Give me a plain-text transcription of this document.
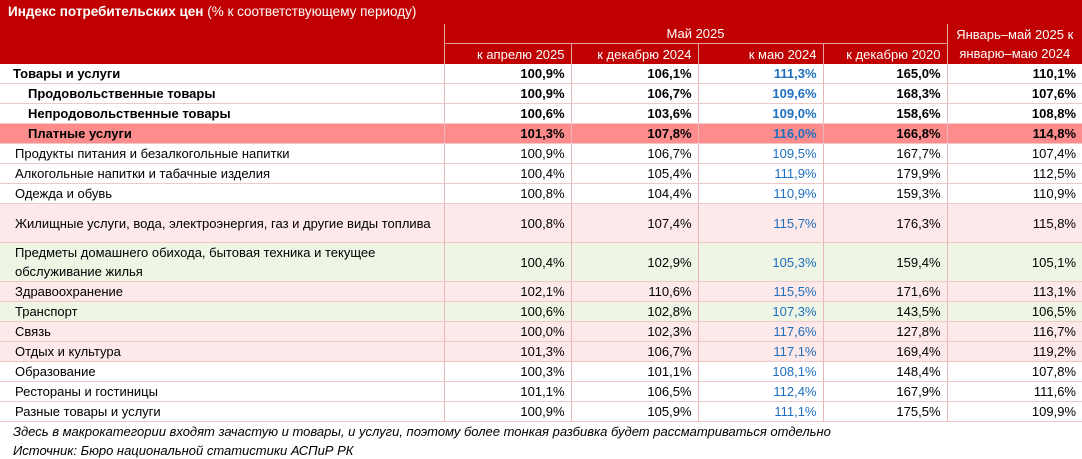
Индекс потребительских цен (% к соответствующему периоду)
	Май 2025				Январь–май 2025 к
январю–маю 2024
	к апрелю 2025	к декабрю 2024	к маю 2024	к декабрю 2020	
Товары и услуги	100,9%	106,1%	111,3%	165,0%	110,1%
Продовольственные товары	100,9%	106,7%	109,6%	168,3%	107,6%
Непродовольственные товары	100,6%	103,6%	109,0%	158,6%	108,8%
Платные услуги	101,3%	107,8%	116,0%	166,8%	114,8%
Продукты питания и безалкогольные напитки	100,9%	106,7%	109,5%	167,7%	107,4%
Алкогольные напитки и табачные изделия	100,4%	105,4%	111,9%	179,9%	112,5%
Одежда и обувь	100,8%	104,4%	110,9%	159,3%	110,9%
Жилищные услуги, вода, электроэнергия, газ и другие виды топлива	100,8%	107,4%	115,7%	176,3%	115,8%
Предметы домашнего обихода, бытовая техника и текущее обслуживание жилья	100,4%	102,9%	105,3%	159,4%	105,1%
Здравоохранение	102,1%	110,6%	115,5%	171,6%	113,1%
Транспорт	100,6%	102,8%	107,3%	143,5%	106,5%
Связь	100,0%	102,3%	117,6%	127,8%	116,7%
Отдых и культура	101,3%	106,7%	117,1%	169,4%	119,2%
Образование	100,3%	101,1%	108,1%	148,4%	107,8%
Рестораны и гостиницы	101,1%	106,5%	112,4%	167,9%	111,6%
Разные товары и услуги	100,9%	105,9%	111,1%	175,5%	109,9%
Здесь в макрокатегории входят зачастую и товары, и услуги, поэтому более тонкая разбивка будет рассматриваться отдельно
Источник: Бюро национальной статистики АСПиР РК
